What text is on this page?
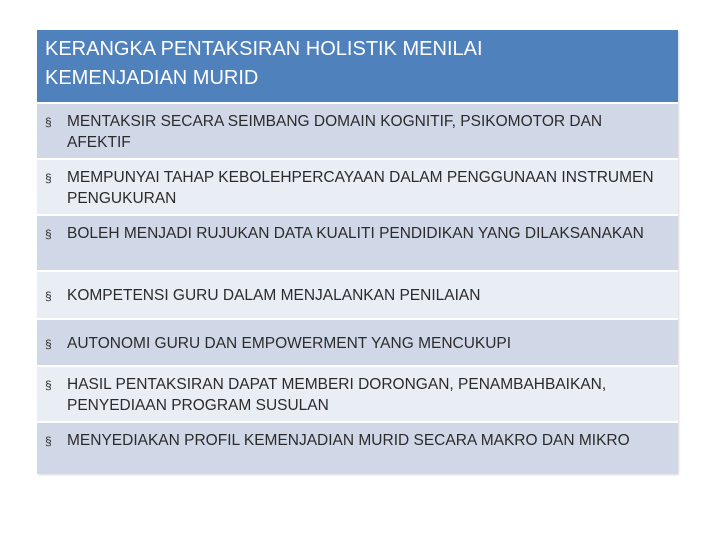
KERANGKA PENTAKSIRAN HOLISTIK MENILAI
KEMENJADIAN MURID
§ MENTAKSIR SECARA SEIMBANG DOMAIN KOGNITIF, PSIKOMOTOR DAN AFEKTIF
§ MEMPUNYAI TAHAP KEBOLEHPERCAYAAN DALAM PENGGUNAAN INSTRUMEN PENGUKURAN
§ BOLEH MENJADI RUJUKAN DATA KUALITI PENDIDIKAN YANG DILAKSANAKAN
§ KOMPETENSI GURU DALAM MENJALANKAN PENILAIAN
§ AUTONOMI GURU DAN EMPOWERMENT YANG MENCUKUPI
§ HASIL PENTAKSIRAN DAPAT MEMBERI DORONGAN, PENAMBAHBAIKAN, PENYEDIAAN PROGRAM SUSULAN
§ MENYEDIAKAN PROFIL KEMENJADIAN MURID SECARA MAKRO DAN MIKRO
